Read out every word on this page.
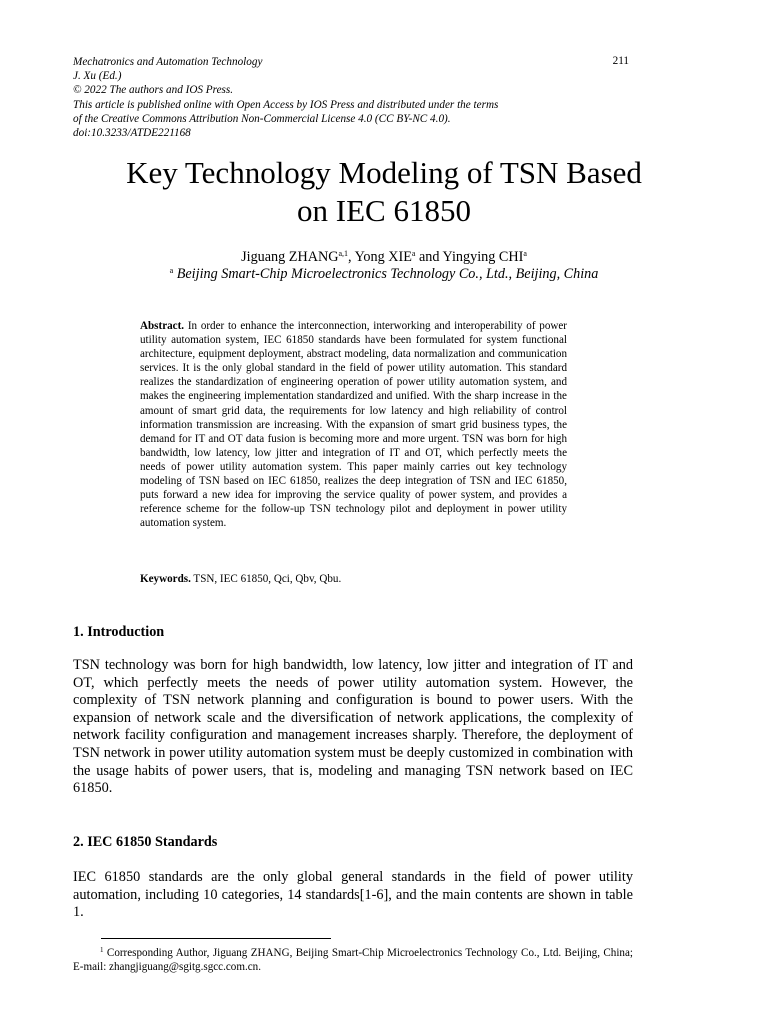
Mechatronics and Automation Technology
J. Xu (Ed.)
© 2022 The authors and IOS Press.
This article is published online with Open Access by IOS Press and distributed under the terms
of the Creative Commons Attribution Non-Commercial License 4.0 (CC BY-NC 4.0).
doi:10.3233/ATDE221168
211
Key Technology Modeling of TSN Based
on IEC 61850
Jiguang ZHANG$^{a,1}$, Yong XIE$^a$ and Yingying CHI$^a$
$^a$ Beijing Smart-Chip Microelectronics Technology Co., Ltd., Beijing, China
Abstract. In order to enhance the interconnection, interworking and interoperability of power utility automation system, IEC 61850 standards have been formulated for system functional architecture, equipment deployment, abstract modeling, data normalization and communication services. It is the only global standard in the field of power utility automation. This standard realizes the standardization of engineering operation of power utility automation system, and makes the engineering implementation standardized and unified. With the sharp increase in the amount of smart grid data, the requirements for low latency and high reliability of control information transmission are increasing. With the expansion of smart grid business types, the demand for IT and OT data fusion is becoming more and more urgent. TSN was born for high bandwidth, low latency, low jitter and integration of IT and OT, which perfectly meets the needs of power utility automation system. This paper mainly carries out key technology modeling of TSN based on IEC 61850, realizes the deep integration of TSN and IEC 61850, puts forward a new idea for improving the service quality of power system, and provides a reference scheme for the follow-up TSN technology pilot and deployment in power utility automation system.
Keywords. TSN, IEC 61850, Qci, Qbv, Qbu.
1. Introduction
TSN technology was born for high bandwidth, low latency, low jitter and integration of IT and OT, which perfectly meets the needs of power utility automation system. However, the complexity of TSN network planning and configuration is bound to power users. With the expansion of network scale and the diversification of network applications, the complexity of network facility configuration and management increases sharply. Therefore, the deployment of TSN network in power utility automation system must be deeply customized in combination with the usage habits of power users, that is, modeling and managing TSN network based on IEC 61850.
2. IEC 61850 Standards
IEC 61850 standards are the only global general standards in the field of power utility automation, including 10 categories, 14 standards[1-6], and the main contents are shown in table 1.
$^1$ Corresponding Author, Jiguang ZHANG, Beijing Smart-Chip Microelectronics Technology Co., Ltd. Beijing, China; E-mail: zhangjiguang@sgitg.sgcc.com.cn.
